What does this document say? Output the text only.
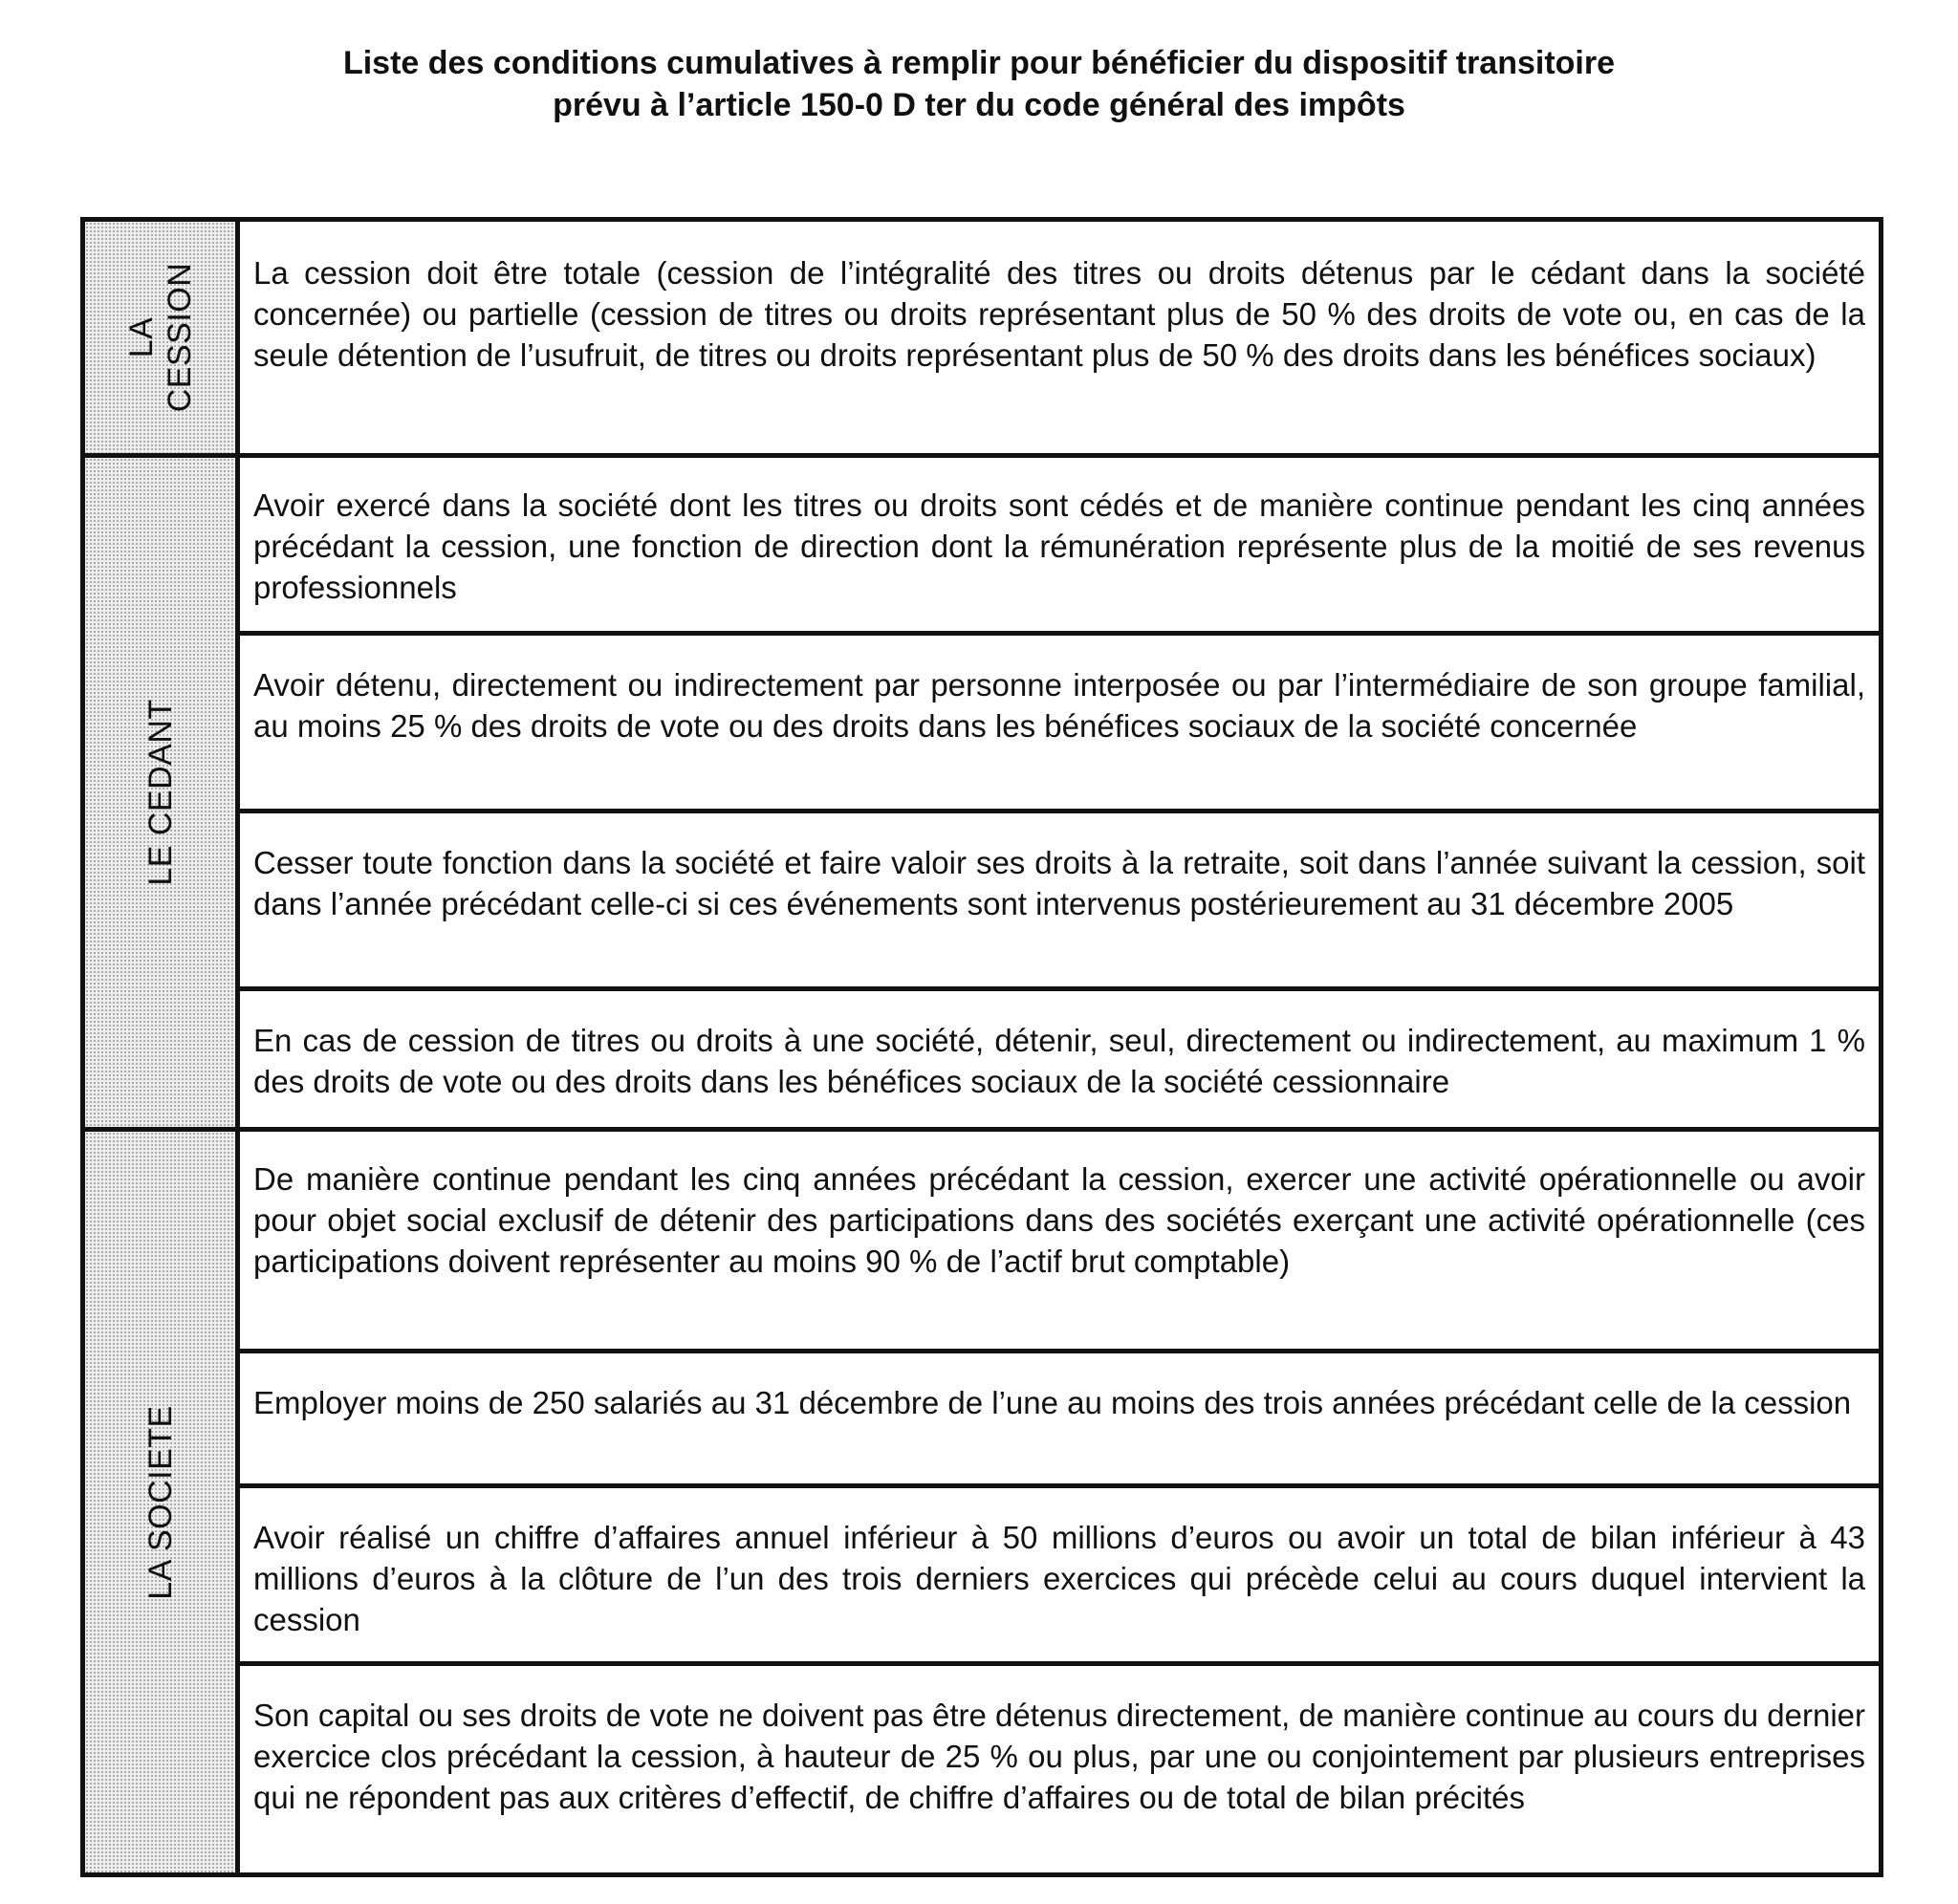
Liste des conditions cumulatives à remplir pour bénéficier du dispositif transitoire
prévu à l’article 150-0 D ter du code général des impôts
LA CESSION La cession doit être totale (cession de l’intégralité des titres ou droits détenus par le cédant dans la société concernée) ou partielle (cession de titres ou droits représentant plus de 50 % des droits de vote ou, en cas de la seule détention de l’usufruit, de titres ou droits représentant plus de 50 % des droits dans les bénéfices sociaux)

LE CEDANT

Avoir exercé dans la société dont les titres ou droits sont cédés et de manière continue pendant les cinq années précédant la cession, une fonction de direction dont la rémunération représente plus de la moitié de ses revenus professionnels

Avoir détenu, directement ou indirectement par personne interposée ou par l’intermédiaire de son groupe familial, au moins 25 % des droits de vote ou des droits dans les bénéfices sociaux de la société concernée

Cesser toute fonction dans la société et faire valoir ses droits à la retraite, soit dans l’année suivant la cession, soit dans l’année précédant celle-ci si ces événements sont intervenus postérieurement au 31 décembre 2005

En cas de cession de titres ou droits à une société, détenir, seul, directement ou indirectement, au maximum 1 % des droits de vote ou des droits dans les bénéfices sociaux de la société cessionnaire

LA SOCIETE

De manière continue pendant les cinq années précédant la cession, exercer une activité opérationnelle ou avoir pour objet social exclusif de détenir des participations dans des sociétés exerçant une activité opérationnelle (ces participations doivent représenter au moins 90 % de l’actif brut comptable)

Employer moins de 250 salariés au 31 décembre de l’une au moins des trois années précédant celle de la cession

Avoir réalisé un chiffre d’affaires annuel inférieur à 50 millions d’euros ou avoir un total de bilan inférieur à 43 millions d’euros à la clôture de l’un des trois derniers exercices qui précède celui au cours duquel intervient la cession

Son capital ou ses droits de vote ne doivent pas être détenus directement, de manière continue au cours du dernier exercice clos précédant la cession, à hauteur de 25 % ou plus, par une ou conjointement par plusieurs entreprises qui ne répondent pas aux critères d’effectif, de chiffre d’affaires ou de total de bilan précités
